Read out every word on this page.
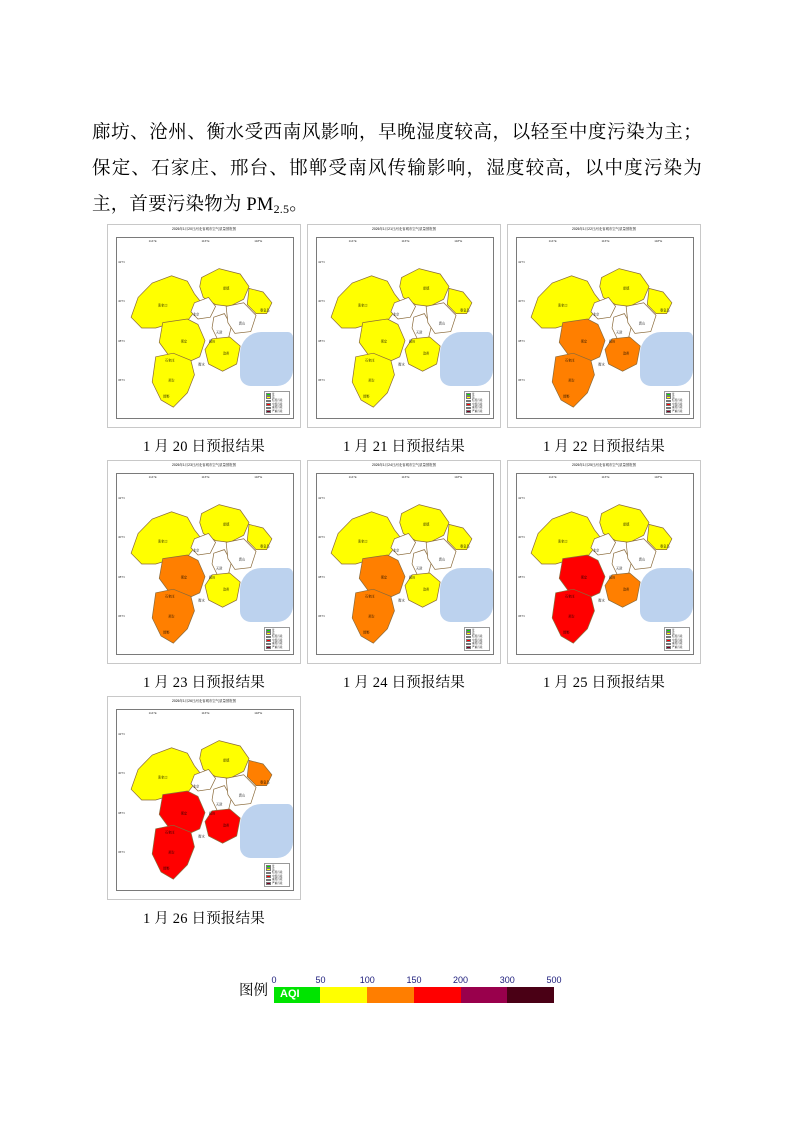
廊坊、沧州、衡水受西南风影响，早晚湿度较高，以轻至中度污染为主；保定、石家庄、邢台、邯郸受南风传输影响，湿度较高，以中度污染为主，首要污染物为 $PM_{2.5}$。

2026年1月20日河北省城市空气质量预报图
114°E	116°E	118°E
42°N
40°N
38°N
36°N
张家口
承德
秦皇岛
北京
天津
唐山
保定	廊坊
沧州
石家庄
衡水
邢台
邯郸
优
良
轻度污染
中度污染
重度污染
严重污染
1 月 20 日预报结果
2026年1月21日河北省城市空气质量预报图
114°E	116°E	118°E
42°N
40°N
38°N
36°N
张家口
承德
秦皇岛
北京
天津
唐山
保定	廊坊
沧州
石家庄
衡水
邢台
邯郸
优
良
轻度污染
中度污染
重度污染
严重污染
1 月 21 日预报结果
2026年1月22日河北省城市空气质量预报图
114°E	116°E	118°E
42°N
40°N
38°N
36°N
张家口
承德
秦皇岛
北京
天津
唐山
保定	廊坊
沧州
石家庄
衡水
邢台
邯郸
优
良
轻度污染
中度污染
重度污染
严重污染
1 月 22 日预报结果
2026年1月23日河北省城市空气质量预报图
114°E	116°E	118°E
42°N
40°N
38°N
36°N
张家口
承德
秦皇岛
北京
天津
唐山
保定	廊坊
沧州
石家庄
衡水
邢台
邯郸
优
良
轻度污染
中度污染
重度污染
严重污染
1 月 23 日预报结果
2026年1月24日河北省城市空气质量预报图
114°E	116°E	118°E
42°N
40°N
38°N
36°N
张家口
承德
秦皇岛
北京
天津
唐山
保定	廊坊
沧州
石家庄
衡水
邢台
邯郸
优
良
轻度污染
中度污染
重度污染
严重污染
1 月 24 日预报结果
2026年1月25日河北省城市空气质量预报图
114°E	116°E	118°E
42°N
40°N
38°N
36°N
张家口
承德
秦皇岛
北京
天津
唐山
保定	廊坊
沧州
石家庄
衡水
邢台
邯郸
优
良
轻度污染
中度污染
重度污染
严重污染
1 月 25 日预报结果
2026年1月26日河北省城市空气质量预报图
114°E	116°E	118°E
42°N
40°N
38°N
36°N
张家口
承德
秦皇岛
北京
天津
唐山
保定	廊坊
沧州
石家庄
衡水
邢台
邯郸
优
良
轻度污染
中度污染
重度污染
严重污染
1 月 26 日预报结果
图例
0	50	100	150	200	300	500
AQI
